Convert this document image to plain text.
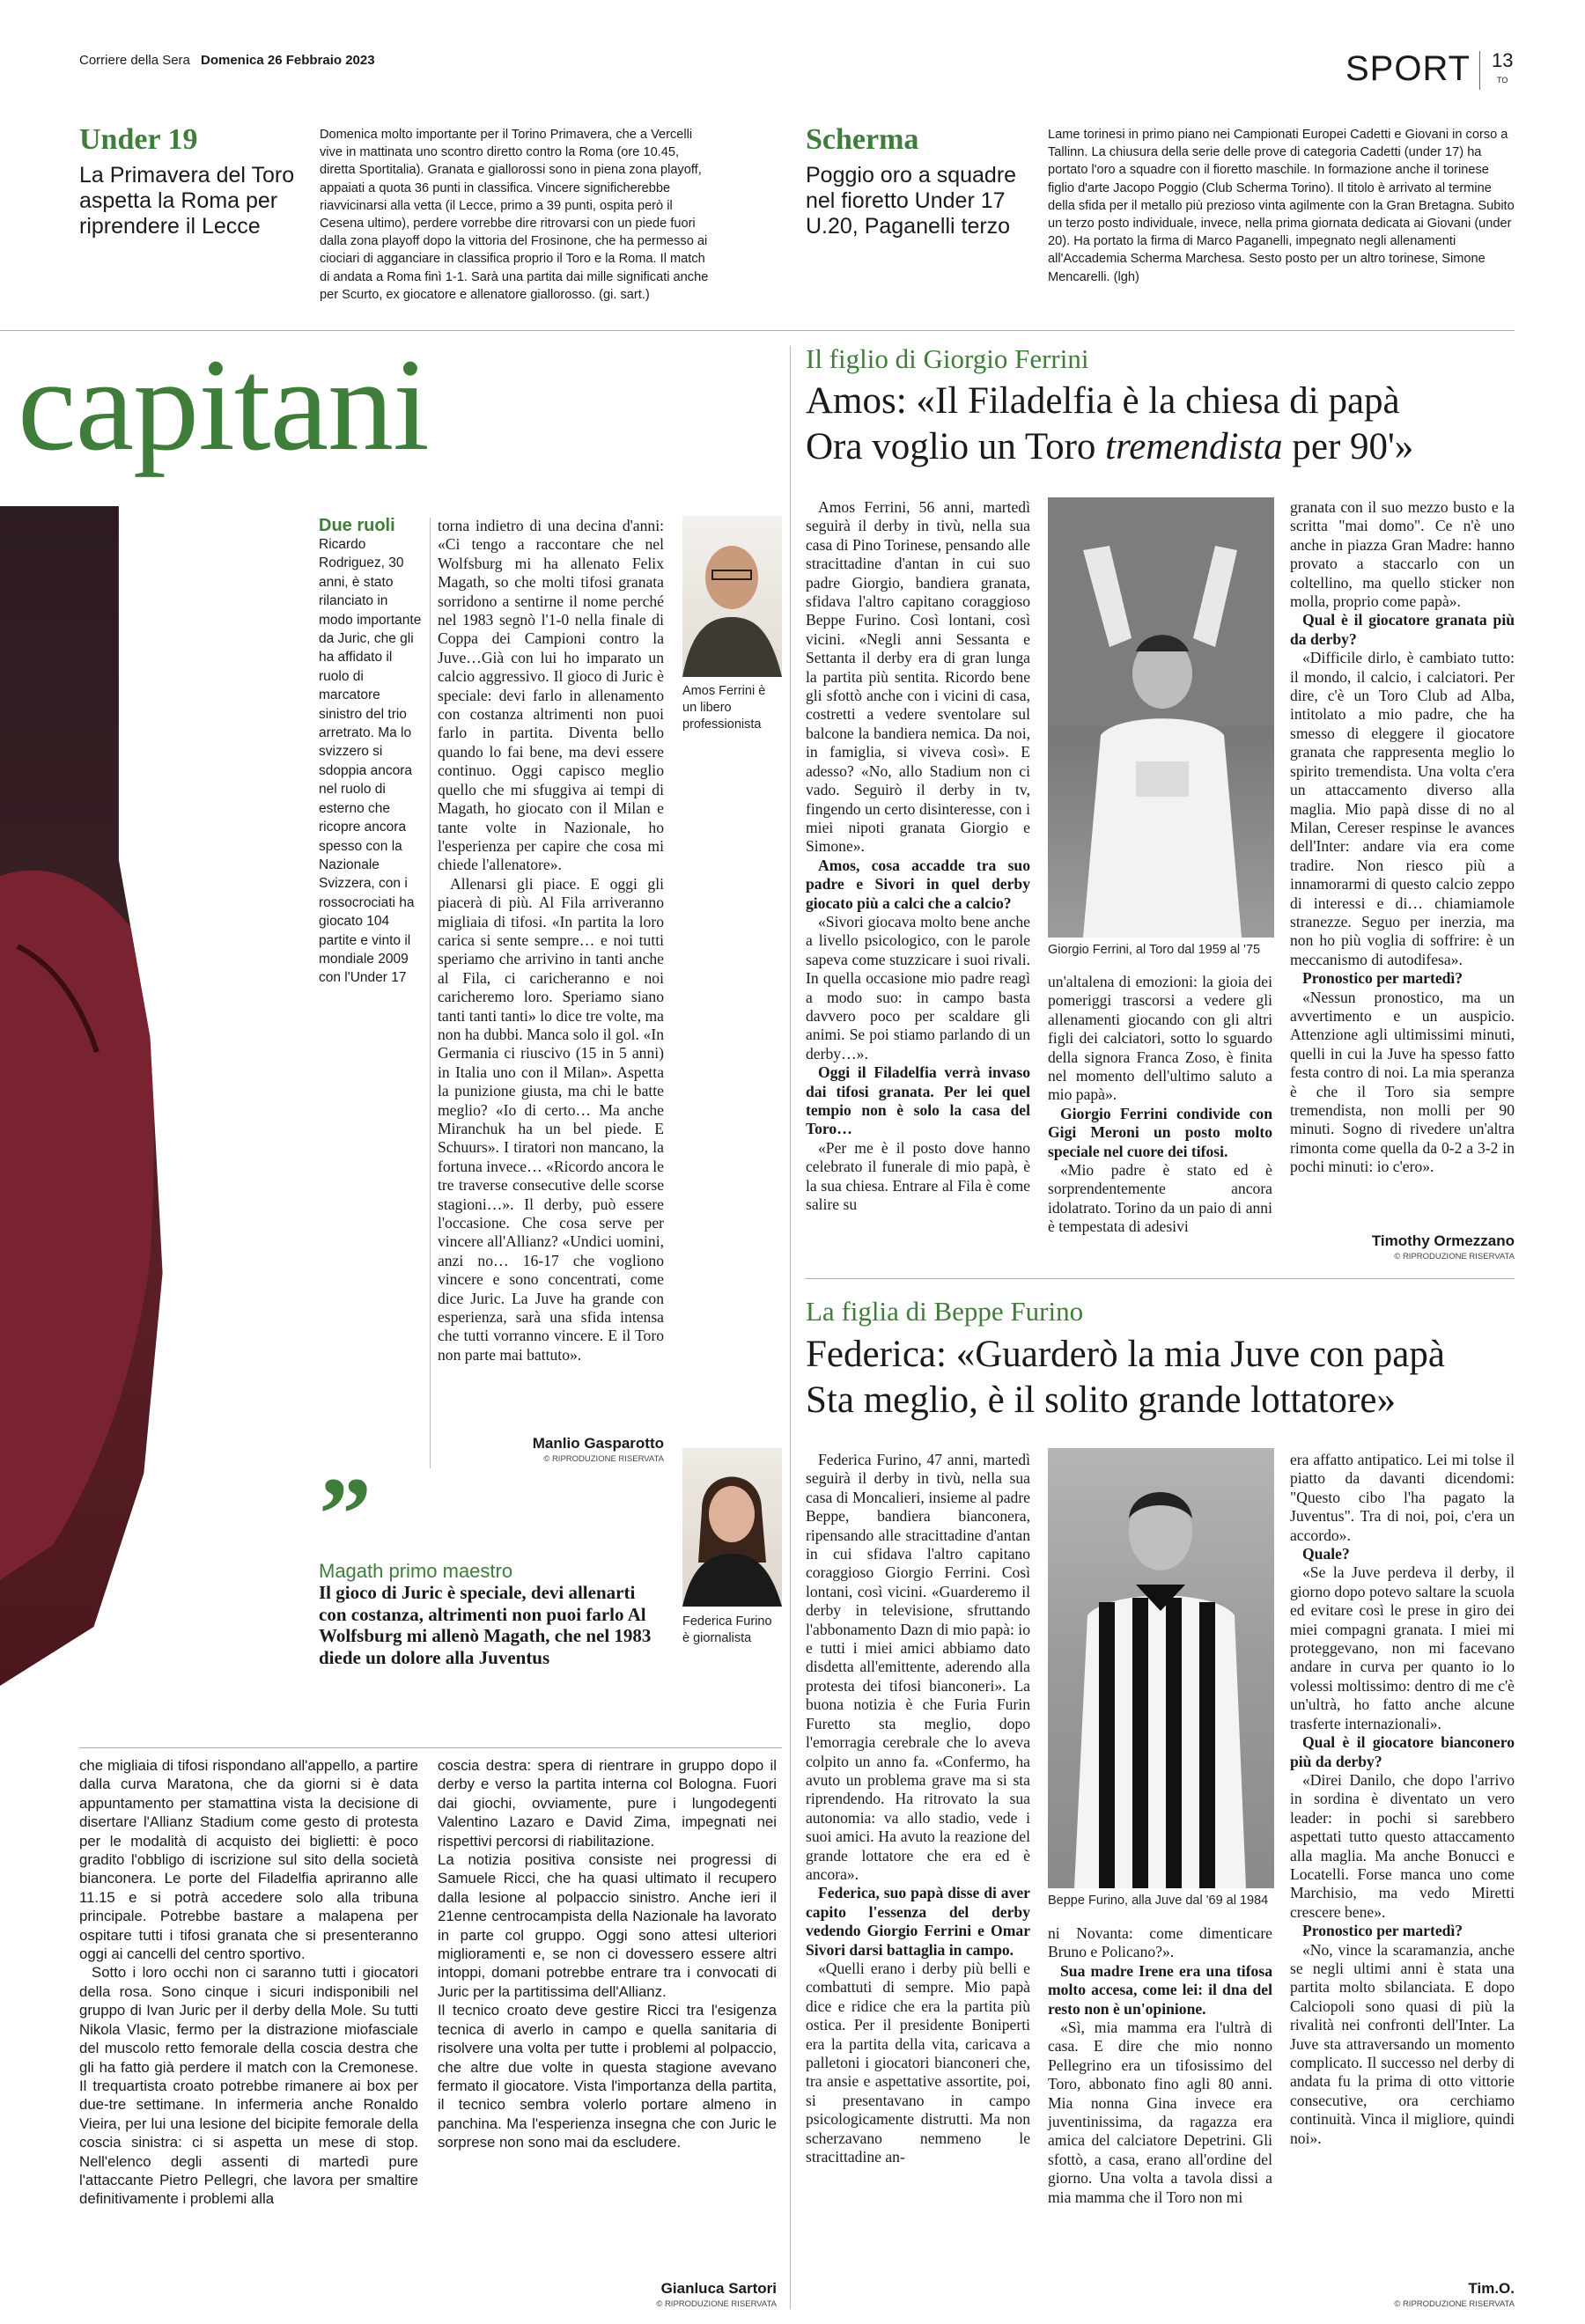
Corriere della Sera Domenica 26 Febbraio 2023	SPORT 13
TO
Under 19
La Primavera del Toro aspetta la Roma per riprendere il Lecce
Domenica molto importante per il Torino Primavera, che a Vercelli vive in mattinata uno scontro diretto contro la Roma (ore 10.45, diretta Sportitalia). Granata e giallorossi sono in piena zona playoff, appaiati a quota 36 punti in classifica. Vincere significherebbe riavvicinarsi alla vetta (il Lecce, primo a 39 punti, ospita però il Cesena ultimo), perdere vorrebbe dire ritrovarsi con un piede fuori dalla zona playoff dopo la vittoria del Frosinone, che ha permesso ai ciociari di agganciare in classifica proprio il Toro e la Roma. Il match di andata a Roma finì 1-1. Sarà una partita dai mille significati anche per Scurto, ex giocatore e allenatore giallorosso. (gi. sart.)
Scherma
Poggio oro a squadre nel fioretto Under 17 U.20, Paganelli terzo
Lame torinesi in primo piano nei Campionati Europei Cadetti e Giovani in corso a Tallinn. La chiusura della serie delle prove di categoria Cadetti (under 17) ha portato l'oro a squadre con il fioretto maschile. In formazione anche il torinese figlio d'arte Jacopo Poggio (Club Scherma Torino). Il titolo è arrivato al termine della sfida per il metallo più prezioso vinta agilmente con la Gran Bretagna. Subito un terzo posto individuale, invece, nella prima giornata dedicata ai Giovani (under 20). Ha portato la firma di Marco Paganelli, impegnato negli allenamenti all'Accademia Scherma Marchesa. Sesto posto per un altro torinese, Simone Mencarelli. (lgh)
capitani
Due ruoli
Ricardo Rodriguez, 30 anni, è stato rilanciato in modo importante da Juric, che gli ha affidato il ruolo di marcatore sinistro del trio arretrato. Ma lo svizzero si sdoppia ancora nel ruolo di esterno che ricopre ancora spesso con la Nazionale Svizzera, con i rossocrociati ha giocato 104 partite e vinto il mondiale 2009 con l'Under 17

torna indietro di una decina d'anni: «Ci tengo a raccontare che nel Wolfsburg mi ha allenato Felix Magath, so che molti tifosi granata sorridono a sentirne il nome perché nel 1983 segnò l'1-0 nella finale di Coppa dei Campioni contro la Juve…Già con lui ho imparato un calcio aggressivo. Il gioco di Juric è speciale: devi farlo in allenamento con costanza altrimenti non puoi farlo in partita. Diventa bello quando lo fai bene, ma devi essere continuo. Oggi capisco meglio quello che mi sfuggiva ai tempi di Magath, ho giocato con il Milan e tante volte in Nazionale, ho l'esperienza per capire che cosa mi chiede l'allenatore».

Allenarsi gli piace. E oggi gli piacerà di più. Al Fila arriveranno migliaia di tifosi. «In partita la loro carica si sente sempre… e noi tutti speriamo che arrivino in tanti anche al Fila, ci caricheranno e noi caricheremo loro. Speriamo siano tanti tanti tanti» lo dice tre volte, ma non ha dubbi. Manca solo il gol. «In Germania ci riuscivo (15 in 5 anni) in Italia uno con il Milan». Aspetta la punizione giusta, ma chi le batte meglio? «Io di certo… Ma anche Miranchuk ha un bel piede. E Schuurs». I tiratori non mancano, la fortuna invece… «Ricordo ancora le tre traverse consecutive delle scorse stagioni…». Il derby, può essere l'occasione. Che cosa serve per vincere all'Allianz? «Undici uomini, anzi no… 16-17 che vogliono vincere e sono concentrati, come dice Juric. La Juve ha grande con esperienza, sarà una sfida intensa che tutti vorranno vincere. E il Toro non parte mai battuto».

Manlio Gasparotto
© RIPRODUZIONE RISERVATA
Amos Ferrini è un libero professionista
”
Magath primo maestro
Il gioco di Juric è speciale, devi allenarti con costanza, altrimenti non puoi farlo Al Wolfsburg mi allenò Magath, che nel 1983 diede un dolore alla Juventus
Federica Furino è giornalista

che migliaia di tifosi rispondano all'appello, a partire dalla curva Maratona, che da giorni si è data appuntamento per stamattina vista la decisione di disertare l'Allianz Stadium come gesto di protesta per le modalità di acquisto dei biglietti: è poco gradito l'obbligo di iscrizione sul sito della società bianconera. Le porte del Filadelfia apriranno alle 11.15 e si potrà accedere solo alla tribuna principale. Potrebbe bastare a malapena per ospitare tutti i tifosi granata che si presenteranno oggi ai cancelli del centro sportivo.

Sotto i loro occhi non ci saranno tutti i giocatori della rosa. Sono cinque i sicuri indisponibili nel gruppo di Ivan Juric per il derby della Mole. Su tutti Nikola Vlasic, fermo per la distrazione miofasciale del muscolo retto femorale della coscia destra che gli ha fatto già perdere il match con la Cremonese. Il trequartista croato potrebbe rimanere ai box per due-tre settimane. In infermeria anche Ronaldo Vieira, per lui una lesione del bicipite femorale della coscia sinistra: ci si aspetta un mese di stop. Nell'elenco degli assenti di martedì pure l'attaccante Pietro Pellegri, che lavora per smaltire definitivamente i problemi alla

coscia destra: spera di rientrare in gruppo dopo il derby e verso la partita interna col Bologna. Fuori dai giochi, ovviamente, pure i lungodegenti Valentino Lazaro e David Zima, impegnati nei rispettivi percorsi di riabilitazione.

La notizia positiva consiste nei progressi di Samuele Ricci, che ha quasi ultimato il recupero dalla lesione al polpaccio sinistro. Anche ieri il 21enne centrocampista della Nazionale ha lavorato in parte col gruppo. Oggi sono attesi ulteriori miglioramenti e, se non ci dovessero essere altri intoppi, domani potrebbe entrare tra i convocati di Juric per la partitissima dell'Allianz.

Il tecnico croato deve gestire Ricci tra l'esigenza tecnica di averlo in campo e quella sanitaria di risolvere una volta per tutte i problemi al polpaccio, che altre due volte in questa stagione avevano fermato il giocatore. Vista l'importanza della partita, il tecnico sembra volerlo portare almeno in panchina. Ma l'esperienza insegna che con Juric le sorprese non sono mai da escludere.

Gianluca Sartori
© RIPRODUZIONE RISERVATA
Il figlio di Giorgio Ferrini
Amos: «Il Filadelfia è la chiesa di papà
Ora voglio un Toro tremendista per 90'»

Amos Ferrini, 56 anni, martedì seguirà il derby in tivù, nella sua casa di Pino Torinese, pensando alle stracittadine d'antan in cui suo padre Giorgio, bandiera granata, sfidava l'altro capitano coraggioso Beppe Furino. Così lontani, così vicini. «Negli anni Sessanta e Settanta il derby era di gran lunga la partita più sentita. Ricordo bene gli sfottò anche con i vicini di casa, costretti a vedere sventolare sul balcone la bandiera nemica. Da noi, in famiglia, si viveva così». E adesso? «No, allo Stadium non ci vado. Seguirò il derby in tv, fingendo un certo disinteresse, con i miei nipoti granata Giorgio e Simone».

Amos, cosa accadde tra suo padre e Sivori in quel derby giocato più a calci che a calcio?

«Sivori giocava molto bene anche a livello psicologico, con le parole sapeva come stuzzicare i suoi rivali. In quella occasione mio padre reagì a modo suo: in campo basta davvero poco per scaldare gli animi. Se poi stiamo parlando di un derby…».

Oggi il Filadelfia verrà invaso dai tifosi granata. Per lei quel tempio non è solo la casa del Toro…

«Per me è il posto dove hanno celebrato il funerale di mio papà, è la sua chiesa. Entrare al Fila è come salire su

Giorgio Ferrini, al Toro dal 1959 al '75

un'altalena di emozioni: la gioia dei pomeriggi trascorsi a vedere gli allenamenti giocando con gli altri figli dei calciatori, sotto lo sguardo della signora Franca Zoso, è finita nel momento dell'ultimo saluto a mio papà».

Giorgio Ferrini condivide con Gigi Meroni un posto molto speciale nel cuore dei tifosi.

«Mio padre è stato ed è sorprendentemente ancora idolatrato. Torino da un paio di anni è tempestata di adesivi

granata con il suo mezzo busto e la scritta "mai domo". Ce n'è uno anche in piazza Gran Madre: hanno provato a staccarlo con un coltellino, ma quello sticker non molla, proprio come papà».

Qual è il giocatore granata più da derby?

«Difficile dirlo, è cambiato tutto: il mondo, il calcio, i calciatori. Per dire, c'è un Toro Club ad Alba, intitolato a mio padre, che ha smesso di eleggere il giocatore granata che rappresenta meglio lo spirito tremendista. Una volta c'era un attaccamento diverso alla maglia. Mio papà disse di no al Milan, Cereser respinse le avances dell'Inter: andare via era come tradire. Non riesco più a innamorarmi di questo calcio zeppo di interessi e di… chiamiamole stranezze. Seguo per inerzia, ma non ho più voglia di soffrire: è un meccanismo di autodifesa».

Pronostico per martedì?

«Nessun pronostico, ma un avvertimento e un auspicio. Attenzione agli ultimissimi minuti, quelli in cui la Juve ha spesso fatto festa contro di noi. La mia speranza è che il Toro sia sempre tremendista, non molli per 90 minuti. Sogno di rivedere un'altra rimonta come quella da 0-2 a 3-2 in pochi minuti: io c'ero».

Timothy Ormezzano
© RIPRODUZIONE RISERVATA
La figlia di Beppe Furino
Federica: «Guarderò la mia Juve con papà
Sta meglio, è il solito grande lottatore»

Federica Furino, 47 anni, martedì seguirà il derby in tivù, nella sua casa di Moncalieri, insieme al padre Beppe, bandiera bianconera, ripensando alle stracittadine d'antan in cui sfidava l'altro capitano coraggioso Giorgio Ferrini. Così lontani, così vicini. «Guarderemo il derby in televisione, sfruttando l'abbonamento Dazn di mio papà: io e tutti i miei amici abbiamo dato disdetta all'emittente, aderendo alla protesta dei tifosi bianconeri». La buona notizia è che Furia Furin Furetto sta meglio, dopo l'emorragia cerebrale che lo aveva colpito un anno fa. «Confermo, ha avuto un problema grave ma si sta riprendendo. Ha ritrovato la sua autonomia: va allo stadio, vede i suoi amici. Ha avuto la reazione del grande lottatore che era ed è ancora».

Federica, suo papà disse di aver capito l'essenza del derby vedendo Giorgio Ferrini e Omar Sivori darsi battaglia in campo.

«Quelli erano i derby più belli e combattuti di sempre. Mio papà dice e ridice che era la partita più ostica. Per il presidente Boniperti era la partita della vita, caricava a palletoni i giocatori bianconeri che, tra ansie e aspettative assortite, poi, si presentavano in campo psicologicamente distrutti. Ma non scherzavano nemmeno le stracittadine an-

Beppe Furino, alla Juve dal '69 al 1984

ni Novanta: come dimenticare Bruno e Policano?».

Sua madre Irene era una tifosa molto accesa, come lei: il dna del resto non è un'opinione.

«Sì, mia mamma era l'ultrà di casa. E dire che mio nonno Pellegrino era un tifosissimo del Toro, abbonato fino agli 80 anni. Mia nonna Gina invece era juventinissima, da ragazza era amica del calciatore Depetrini. Gli sfottò, a casa, erano all'ordine del giorno. Una volta a tavola dissi a mia mamma che il Toro non mi

era affatto antipatico. Lei mi tolse il piatto da davanti dicendomi: "Questo cibo l'ha pagato la Juventus". Tra di noi, poi, c'era un accordo».

Quale?

«Se la Juve perdeva il derby, il giorno dopo potevo saltare la scuola ed evitare così le prese in giro dei miei compagni granata. I miei mi proteggevano, non mi facevano andare in curva per quanto io lo volessi moltissimo: dentro di me c'è un'ultrà, ho fatto anche alcune trasferte internazionali».

Qual è il giocatore bianconero più da derby?

«Direi Danilo, che dopo l'arrivo in sordina è diventato un vero leader: in pochi si sarebbero aspettati tutto questo attaccamento alla maglia. Ma anche Bonucci e Locatelli. Forse manca uno come Marchisio, ma vedo Miretti crescere bene».

Pronostico per martedì?

«No, vince la scaramanzia, anche se negli ultimi anni è stata una partita molto sbilanciata. E dopo Calciopoli sono quasi di più la rivalità nei confronti dell'Inter. La Juve sta attraversando un momento complicato. Il successo nel derby di andata fu la prima di otto vittorie consecutive, ora cerchiamo continuità. Vinca il migliore, quindi noi».

Tim.O.
© RIPRODUZIONE RISERVATA
